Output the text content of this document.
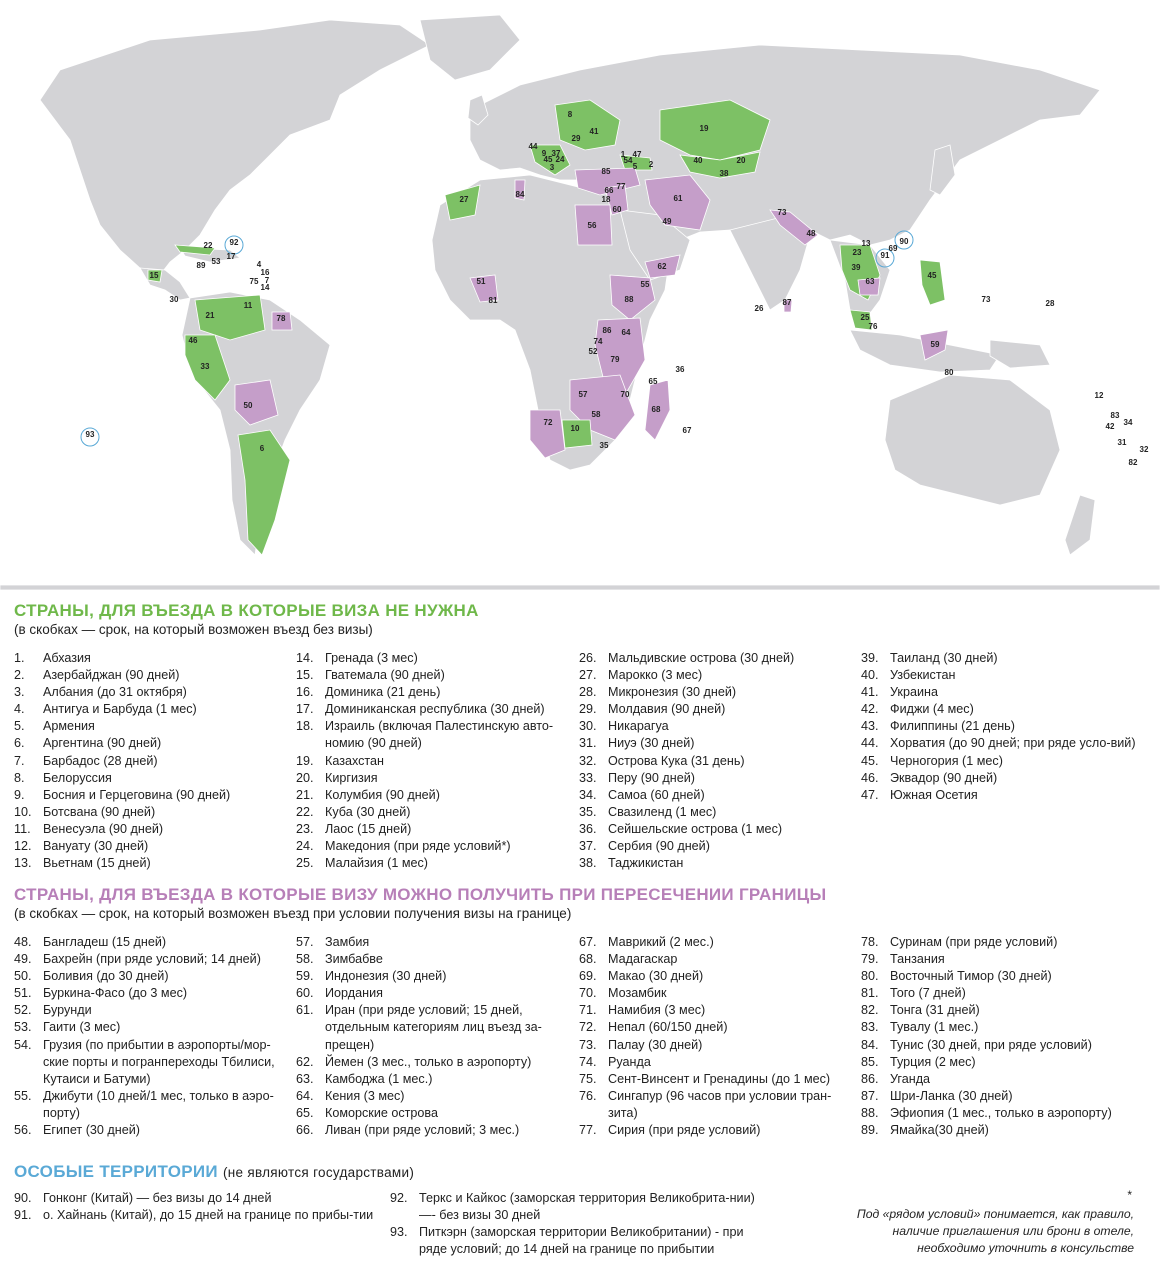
8
41
29
19
44
9 37
45 24
3
1 47
54
5 2	40	20
38
85
77
66
18
60
61
49
73
48
27
84
56
22 92
17
53
89	4
16
7
75
14
15
30
21
11
78
46
33
50
6
93
51
81
62
55
88
86 64
74
52
79
65
36
57	70
58
68
72
10
35
67
87
26
13
23
90
69
91
39
63
45
25
76
59
80
73	28
12
83
34
42
31
32
82
СТРАНЫ, ДЛЯ ВЪЕЗДА В КОТОРЫЕ ВИЗА НЕ НУЖНА
(в скобках — срок, на который возможен въезд без визы)
1.	Абхазия
2.	Азербайджан (90 дней)
3.	Албания (до 31 октября)
4.	Антигуа и Барбуда (1 мес)
5.	Армения
6.	Аргентина (90 дней)
7.	Барбадос (28 дней)
8.	Белоруссия
9.	Босния и Герцеговина (90 дней)
10. Ботсвана (90 дней)
11. Венесуэла (90 дней)
12. Вануату (30 дней)
13. Вьетнам (15 дней)
14. Гренада (3 мес)
15. Гватемала (90 дней)
16. Доминика (21 день)
17. Доминиканская республика (30 дней)
18. Израиль (включая Палестинскую авто-номию (90 дней)
19. Казахстан
20. Киргизия
21. Колумбия (90 дней)
22. Куба (30 дней)
23. Лаос (15 дней)
24. Македония (при ряде условий*)
25. Малайзия (1 мес)
26. Мальдивские острова (30 дней)
27. Марокко (3 мес)
28. Микронезия (30 дней)
29. Молдавия (90 дней)
30. Никарагуа
31. Ниуэ (30 дней)
32. Острова Кука (31 день)
33. Перу (90 дней)
34. Самоа (60 дней)
35. Свазиленд (1 мес)
36. Сейшельские острова (1 мес)
37. Сербия (90 дней)
38. Таджикистан
39. Таиланд (30 дней)
40. Узбекистан
41. Украина
42. Фиджи (4 мес)
43. Филиппины (21 день)
44. Хорватия (до 90 дней; при ряде усло-вий)
45. Черногория (1 мес)
46. Эквадор (90 дней)
47. Южная Осетия
СТРАНЫ, ДЛЯ ВЪЕЗДА В КОТОРЫЕ ВИЗУ МОЖНО ПОЛУЧИТЬ ПРИ ПЕРЕСЕЧЕНИИ ГРАНИЦЫ
(в скобках — срок, на который возможен въезд при условии получения визы на границе)
48. Бангладеш (15 дней)
49. Бахрейн (при ряде условий; 14 дней)
50. Боливия (до 30 дней)
51. Буркина-Фасо (до 3 мес)
52. Бурунди
53. Гаити (3 мес)
54. Грузия (по прибытии в аэропорты/мор-ские порты и погранпереходы Тбилиси, Кутаиси и Батуми)
55. Джибути (10 дней/1 мес, только в аэро-порту)
56. Египет (30 дней)
57. Замбия
58. Зимбабве
59. Индонезия (30 дней)
60. Иордания
61. Иран (при ряде условий; 15 дней, отдельным категориям лиц въезд за-прещен)
62. Йемен (3 мес., только в аэропорту)
63. Камбоджа (1 мес.)
64. Кения (3 мес)
65. Коморские острова
66. Ливан (при ряде условий; 3 мес.)
67. Маврикий (2 мес.)
68. Мадагаскар
69. Макао (30 дней)
70. Мозамбик
71. Намибия (3 мес)
72. Непал (60/150 дней)
73. Палау (30 дней)
74. Руанда
75. Сент-Винсент и Гренадины (до 1 мес)
76. Сингапур (96 часов при условии тран-зита)
77. Сирия (при ряде условий)
78. Суринам (при ряде условий)
79. Танзания
80. Восточный Тимор (30 дней)
81. Того (7 дней)
82. Тонга (31 дней)
83. Тувалу (1 мес.)
84. Тунис (30 дней, при ряде условий)
85. Турция (2 мес)
86. Уганда
87. Шри-Ланка (30 дней)
88. Эфиопия (1 мес., только в аэропорту)
89. Ямайка(30 дней)
ОСОБЫЕ ТЕРРИТОРИИ (не являются государствами)
90. Гонконг (Китай) — без визы до 14 дней
91. о. Хайнань (Китай), до 15 дней на границе по прибы-тии
92. Теркс и Кайкос (заморская территория Великобрита-нии) —- без визы 30 дней
93. Питкэрн (заморская территории Великобритании) - при ряде условий; до 14 дней на границе по прибытии
*
Под «рядом условий» понимается, как правило, наличие приглашения или брони в отеле, необходимо уточнить в консульстве
